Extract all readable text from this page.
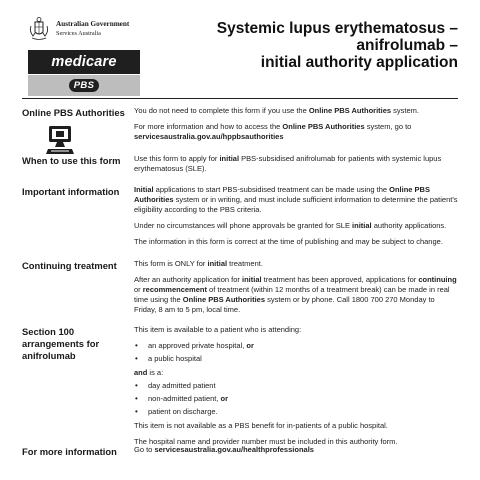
Australian Government
Services Australia
medicare
PBS
Systemic lupus erythematosus –
anifrolumab –
initial authority application
Online PBS Authorities	You do not need to complete this form if you use the Online PBS Authorities system.

For more information and how to access the Online PBS Authorities system, go to
servicesaustralia.gov.au/hppbsauthorities

When to use this form	Use this form to apply for initial PBS-subsidised anifrolumab for patients with systemic lupus erythematosus (SLE).

Important information	Initial applications to start PBS-subsidised treatment can be made using the Online PBS Authorities system or in writing, and must include sufficient information to determine the patient's eligibility according to the PBS criteria.

Under no circumstances will phone approvals be granted for SLE initial authority applications.

The information in this form is correct at the time of publishing and may be subject to change.

Continuing treatment	This form is ONLY for initial treatment.

After an authority application for initial treatment has been approved, applications for continuing or recommencement of treatment (within 12 months of a treatment break) can be made in real time using the Online PBS Authorities system or by phone. Call 1800 700 270 Monday to Friday, 8 am to 5 pm, local time.

Section 100 arrangements for anifrolumab

This item is available to a patient who is attending:

• an approved private hospital, or
• a public hospital

and is a:

• day admitted patient
• non-admitted patient, or
• patient on discharge.

This item is not available as a PBS benefit for in-patients of a public hospital.

The hospital name and provider number must be included in this authority form.

For more information	Go to servicesaustralia.gov.au/healthprofessionals
